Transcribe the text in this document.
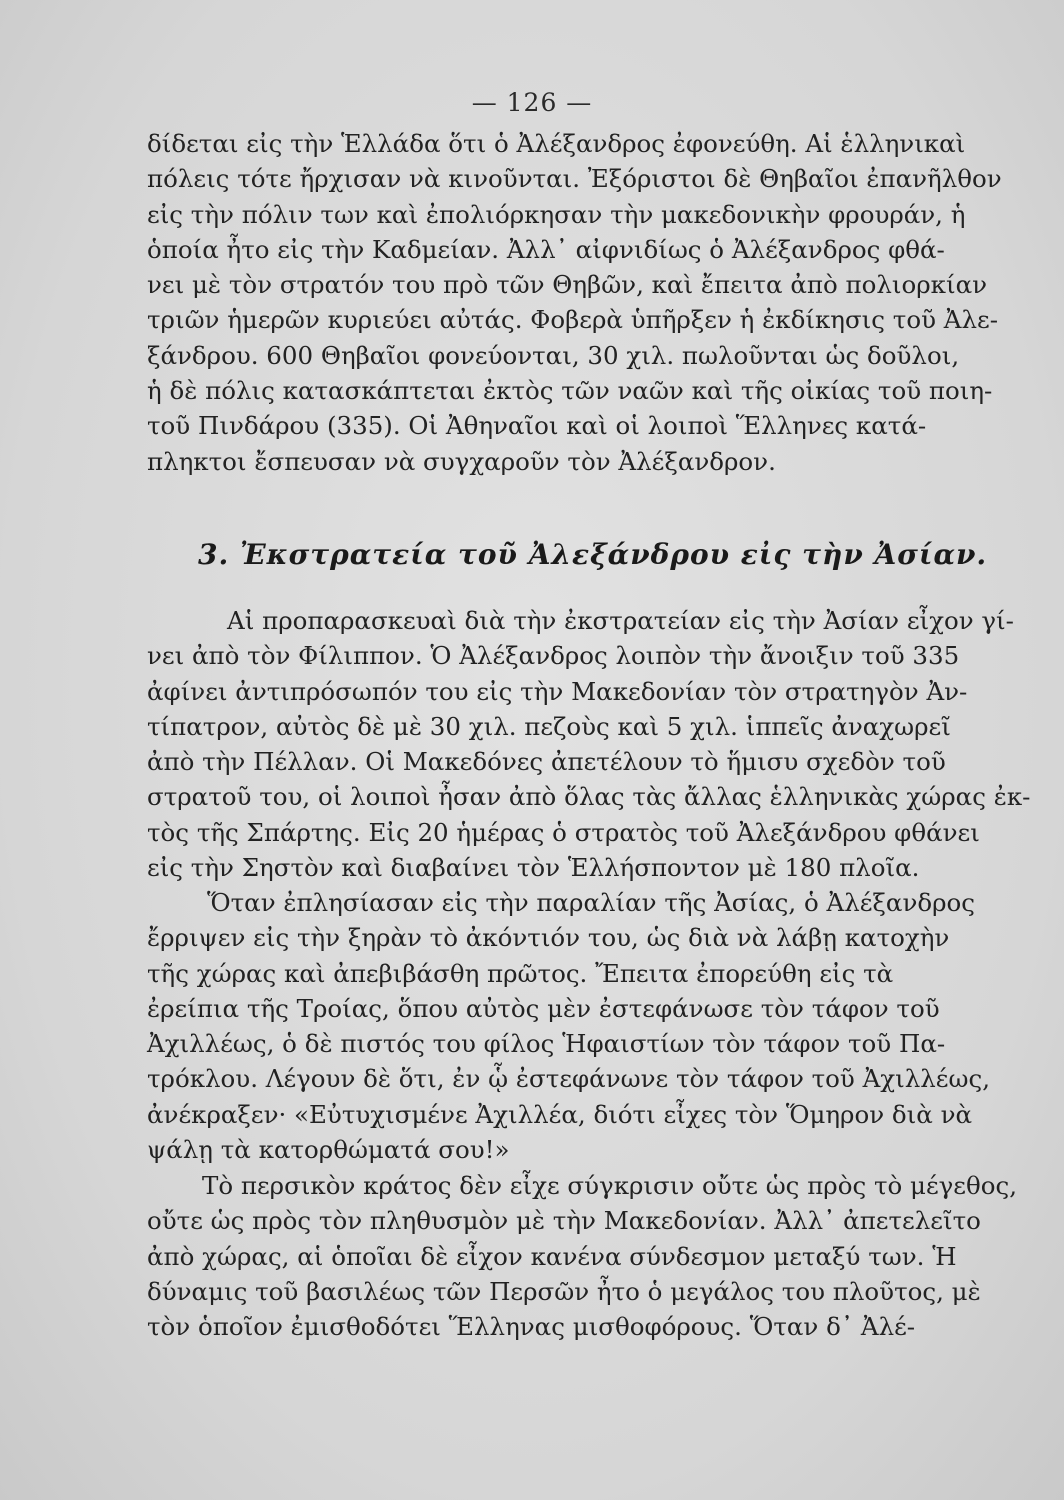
— 126 —
δίδεται εἰς τὴν Ἑλλάδα ὅτι ὁ Ἀλέξανδρος ἐφονεύθη. Αἱ ἑλληνικαὶ
πόλεις τότε ἤρχισαν νὰ κινοῦνται. Ἐξόριστοι δὲ Θηβαῖοι ἐπανῆλθον
εἰς τὴν πόλιν των καὶ ἐπολιόρκησαν τὴν μακεδονικὴν φρουράν, ἡ
ὁποία ἦτο εἰς τὴν Καδμείαν. Ἀλλ᾽ αἰφνιδίως ὁ Ἀλέξανδρος φθά-
νει μὲ τὸν στρατόν του πρὸ τῶν Θηβῶν, καὶ ἔπειτα ἀπὸ πολιορκίαν
τριῶν ἡμερῶν κυριεύει αὐτάς. Φοβερὰ ὑπῆρξεν ἡ ἐκδίκησις τοῦ Ἀλε-
ξάνδρου. 600 Θηβαῖοι φονεύονται, 30 χιλ. πωλοῦνται ὡς δοῦλοι,
ἡ δὲ πόλις κατασκάπτεται ἐκτὸς τῶν ναῶν καὶ τῆς οἰκίας τοῦ ποιη-
τοῦ Πινδάρου (335). Οἱ Ἀθηναῖοι καὶ οἱ λοιποὶ Ἕλληνες κατά-
πληκτοι ἔσπευσαν νὰ συγχαροῦν τὸν Ἀλέξανδρον.
3. Ἐκστρατεία τοῦ Ἀλεξάνδρου εἰς τὴν Ἀσίαν.
Αἱ προπαρασκευαὶ διὰ τὴν ἐκστρατείαν εἰς τὴν Ἀσίαν εἶχον γί-
νει ἀπὸ τὸν Φίλιππον. Ὁ Ἀλέξανδρος λοιπὸν τὴν ἄνοιξιν τοῦ 335
ἀφίνει ἀντιπρόσωπόν του εἰς τὴν Μακεδονίαν τὸν στρατηγὸν Ἀν-
τίπατρον, αὐτὸς δὲ μὲ 30 χιλ. πεζοὺς καὶ 5 χιλ. ἱππεῖς ἀναχωρεῖ
ἀπὸ τὴν Πέλλαν. Οἱ Μακεδόνες ἀπετέλουν τὸ ἥμισυ σχεδὸν τοῦ
στρατοῦ του, οἱ λοιποὶ ἦσαν ἀπὸ ὅλας τὰς ἄλλας ἑλληνικὰς χώρας ἐκ-
τὸς τῆς Σπάρτης. Εἰς 20 ἡμέρας ὁ στρατὸς τοῦ Ἀλεξάνδρου φθάνει
εἰς τὴν Σηστὸν καὶ διαβαίνει τὸν Ἑλλήσποντον μὲ 180 πλοῖα.
Ὅταν ἐπλησίασαν εἰς τὴν παραλίαν τῆς Ἀσίας, ὁ Ἀλέξανδρος
ἔρριψεν εἰς τὴν ξηρὰν τὸ ἀκόντιόν του, ὡς διὰ νὰ λάβῃ κατοχὴν
τῆς χώρας καὶ ἀπεβιβάσθη πρῶτος. Ἔπειτα ἐπορεύθη εἰς τὰ
ἐρείπια τῆς Τροίας, ὅπου αὐτὸς μὲν ἐστεφάνωσε τὸν τάφον τοῦ
Ἀχιλλέως, ὁ δὲ πιστός του φίλος Ἡφαιστίων τὸν τάφον τοῦ Πα-
τρόκλου. Λέγουν δὲ ὅτι, ἐν ᾧ ἐστεφάνωνε τὸν τάφον τοῦ Ἀχιλλέως,
ἀνέκραξεν· «Εὐτυχισμένε Ἀχιλλέα, διότι εἶχες τὸν Ὅμηρον διὰ νὰ
ψάλῃ τὰ κατορθώματά σου!»
Τὸ περσικὸν κράτος δὲν εἶχε σύγκρισιν οὔτε ὡς πρὸς τὸ μέγεθος,
οὔτε ὡς πρὸς τὸν πληθυσμὸν μὲ τὴν Μακεδονίαν. Ἀλλ᾽ ἀπετελεῖτο
ἀπὸ χώρας, αἱ ὁποῖαι δὲ εἶχον κανένα σύνδεσμον μεταξύ των. Ἡ
δύναμις τοῦ βασιλέως τῶν Περσῶν ἦτο ὁ μεγάλος του πλοῦτος, μὲ
τὸν ὁποῖον ἐμισθοδότει Ἕλληνας μισθοφόρους. Ὅταν δ᾽ Ἀλέ-
